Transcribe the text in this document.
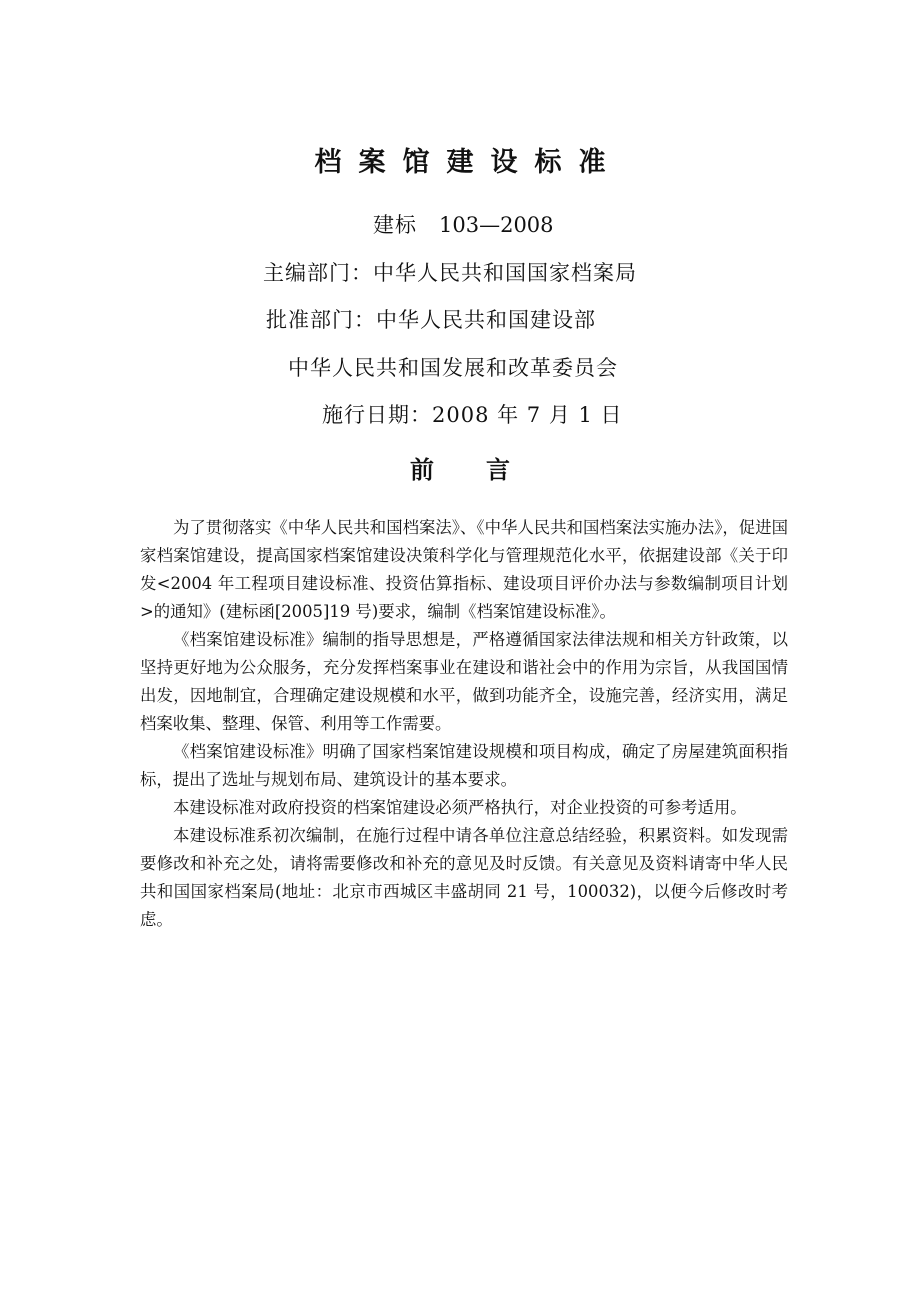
档案馆建设标准
建标 103—2008
主编部门：中华人民共和国国家档案局
批准部门：中华人民共和国建设部
中华人民共和国发展和改革委员会
施行日期：2008 年 7 月 1 日
前言

为了贯彻落实《中华人民共和国档案法》、《中华人民共和国档案法实施办法》，促进国家档案馆建设，提高国家档案馆建设决策科学化与管理规范化水平，依据建设部《关于印发<2004 年工程项目建设标准、投资估算指标、建设项目评价办法与参数编制项目计划>的通知》(建标函[2005]19 号)要求，编制《档案馆建设标准》。

《档案馆建设标准》编制的指导思想是，严格遵循国家法律法规和相关方针政策，以坚持更好地为公众服务，充分发挥档案事业在建设和谐社会中的作用为宗旨，从我国国情出发，因地制宜，合理确定建设规模和水平，做到功能齐全，设施完善，经济实用，满足档案收集、整理、保管、利用等工作需要。

《档案馆建设标准》明确了国家档案馆建设规模和项目构成，确定了房屋建筑面积指标，提出了选址与规划布局、建筑设计的基本要求。

本建设标准对政府投资的档案馆建设必须严格执行，对企业投资的可参考适用。

本建设标准系初次编制，在施行过程中请各单位注意总结经验，积累资料。如发现需要修改和补充之处，请将需要修改和补充的意见及时反馈。有关意见及资料请寄中华人民共和国国家档案局(地址：北京市西城区丰盛胡同 21 号，100032)，以便今后修改时考虑。
